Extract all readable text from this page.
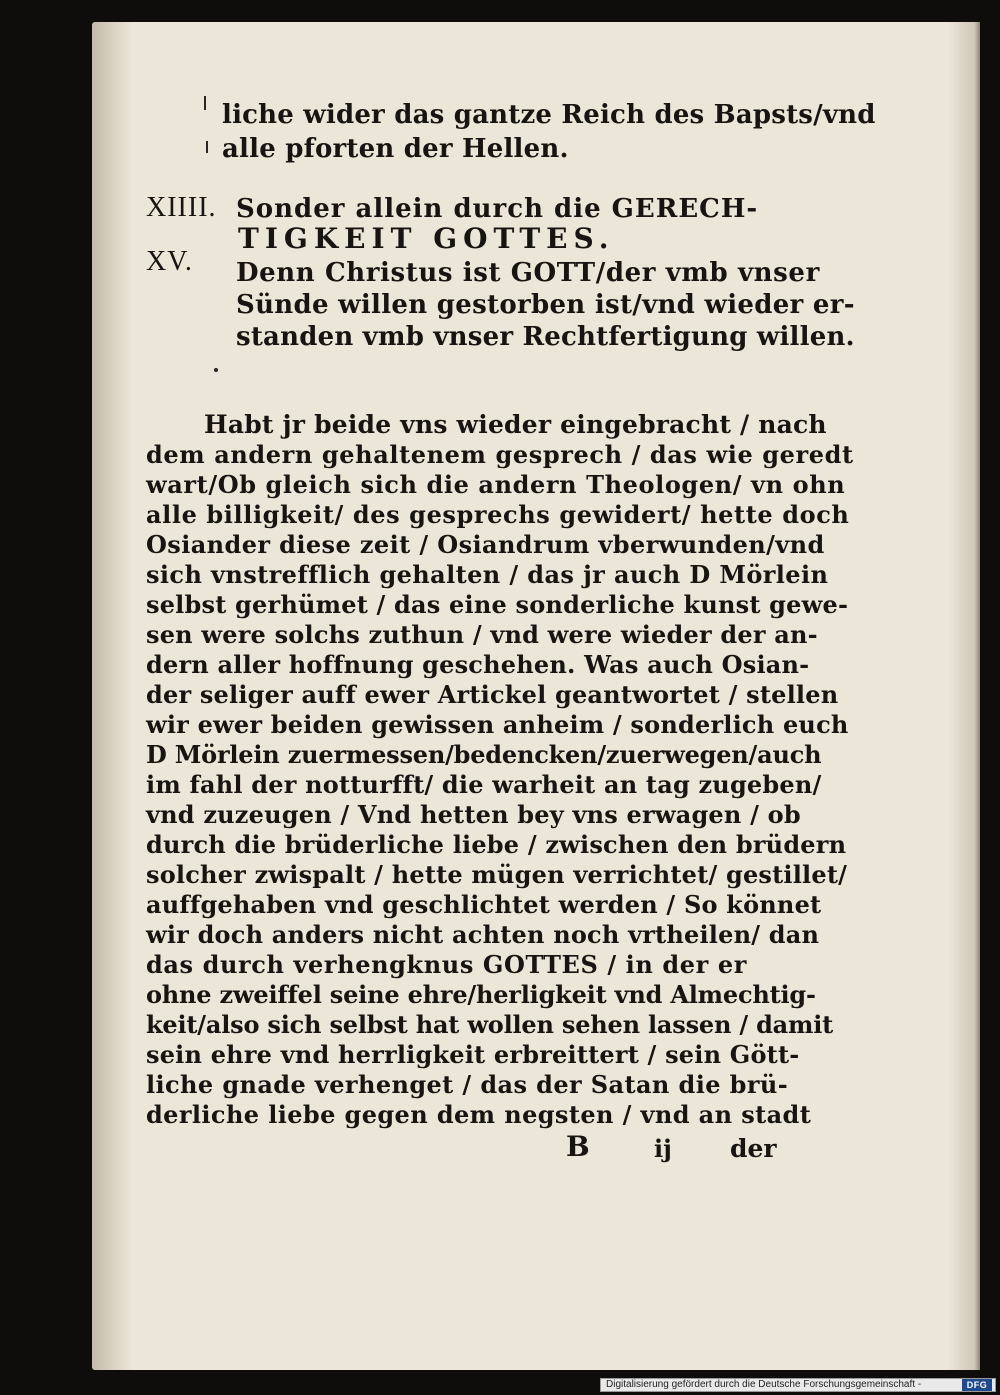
liche wider das gantze Reich des Bapsts/vnd
alle pforten der Hellen.
XIIII. Sonder allein durch die GERECH-
TIGKEIT GOTTES.
XV. Denn Christus ist GOTT/der vmb vnser
Sünde willen gestorben ist/vnd wieder er-
standen vmb vnser Rechtfertigung willen.
Habt jr beide vns wieder eingebracht / nach
dem andern gehaltenem gesprech / das wie geredt
wart/Ob gleich sich die andern Theologen/ vn ohn
alle billigkeit/ des gesprechs gewidert/ hette doch
Osiander diese zeit / Osiandrum vberwunden/vnd
sich vnstrefflich gehalten / das jr auch D Mörlein
selbst gerhümet / das eine sonderliche kunst gewe-
sen were solchs zuthun / vnd were wieder der an-
dern aller hoffnung geschehen. Was auch Osian-
der seliger auff ewer Artickel geantwortet / stellen
wir ewer beiden gewissen anheim / sonderlich euch
D Mörlein zuermessen/bedencken/zuerwegen/auch
im fahl der notturfft/ die warheit an tag zugeben/
vnd zuzeugen / Vnd hetten bey vns erwagen / ob
durch die brüderliche liebe / zwischen den brüdern
solcher zwispalt / hette mügen verrichtet/ gestillet/
auffgehaben vnd geschlichtet werden / So könnet
wir doch anders nicht achten noch vrtheilen/ dan
das durch verhengknus GOTTES / in der er
ohne zweiffel seine ehre/herligkeit vnd Almechtig-
keit/also sich selbst hat wollen sehen lassen / damit
sein ehre vnd herrligkeit erbreittert / sein Gött-
liche gnade verhenget / das der Satan die brü-
derliche liebe gegen dem negsten / vnd an stadt
B	ij der
Digitalisierung gefördert durch die Deutsche Forschungsgemeinschaft -	DFG
